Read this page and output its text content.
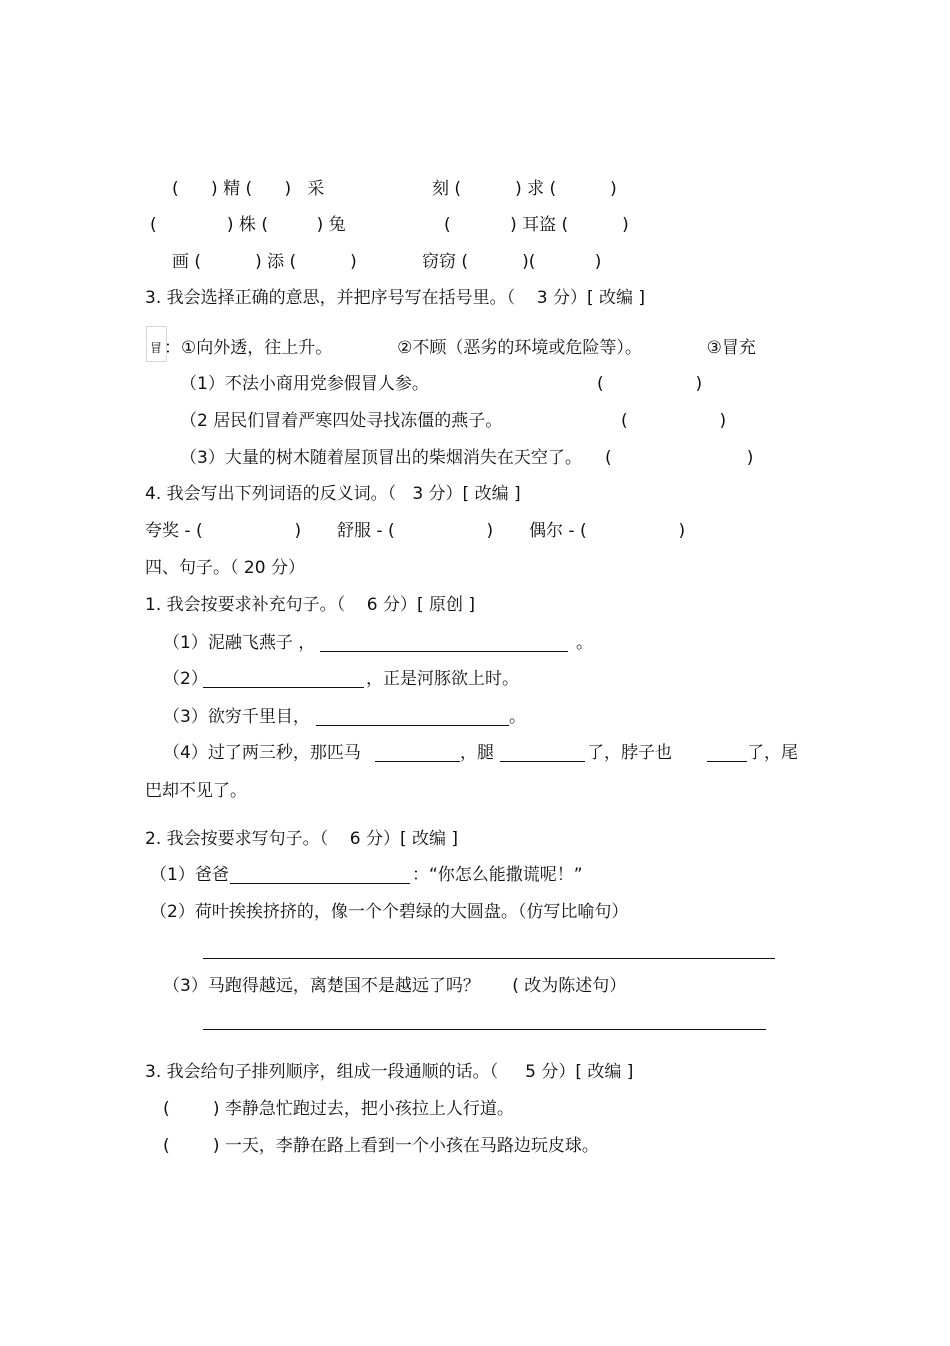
(      ) 精 (      )   采	刻 (          ) 求 (          )
(             ) 株 (         ) 兔	(           ) 耳盗 (          )
画 (          ) 添 (          )	窃窃 (          )(           )
3. 我会选择正确的意思，并把序号写在括号里。（    3 分）[ 改编 ]
冒 ：①向外透，往上升。            ②不顾（恶劣的环境或危险等）。            ③冒充
（1）不法小商用党参假冒人参。	(                 )
（2 居民们冒着严寒四处寻找冻僵的燕子。	(                 )
（3）大量的树木随着屋顶冒出的柴烟消失在天空了。 (                         )
4. 我会写出下列词语的反义词。（   3 分）[ 改编 ]
夸奖 - (                 ) 舒服 - (                 ) 偶尔 - (                 )
四、句子。（ 20 分）
1. 我会按要求补充句子。（    6 分）[ 原创 ]
（1）泥融飞燕子 ，	。
（2）	，正是河豚欲上时。
（3）欲穷千里目，	。
（4）过了两三秒，那匹马	，腿	了，脖子也	了，尾
巴却不见了。
2. 我会按要求写句子。（    6 分）[ 改编 ]
（1）爸爸	：“你怎么能撒谎呢！”
（2）荷叶挨挨挤挤的，像一个个碧绿的大圆盘。（仿写比喻句）
（3）马跑得越远，离楚国不是越远了吗？      ( 改为陈述句）
3. 我会给句子排列顺序，组成一段通顺的话。（     5 分）[ 改编 ]
(        ) 李静急忙跑过去，把小孩拉上人行道。
(        ) 一天，李静在路上看到一个小孩在马路边玩皮球。
